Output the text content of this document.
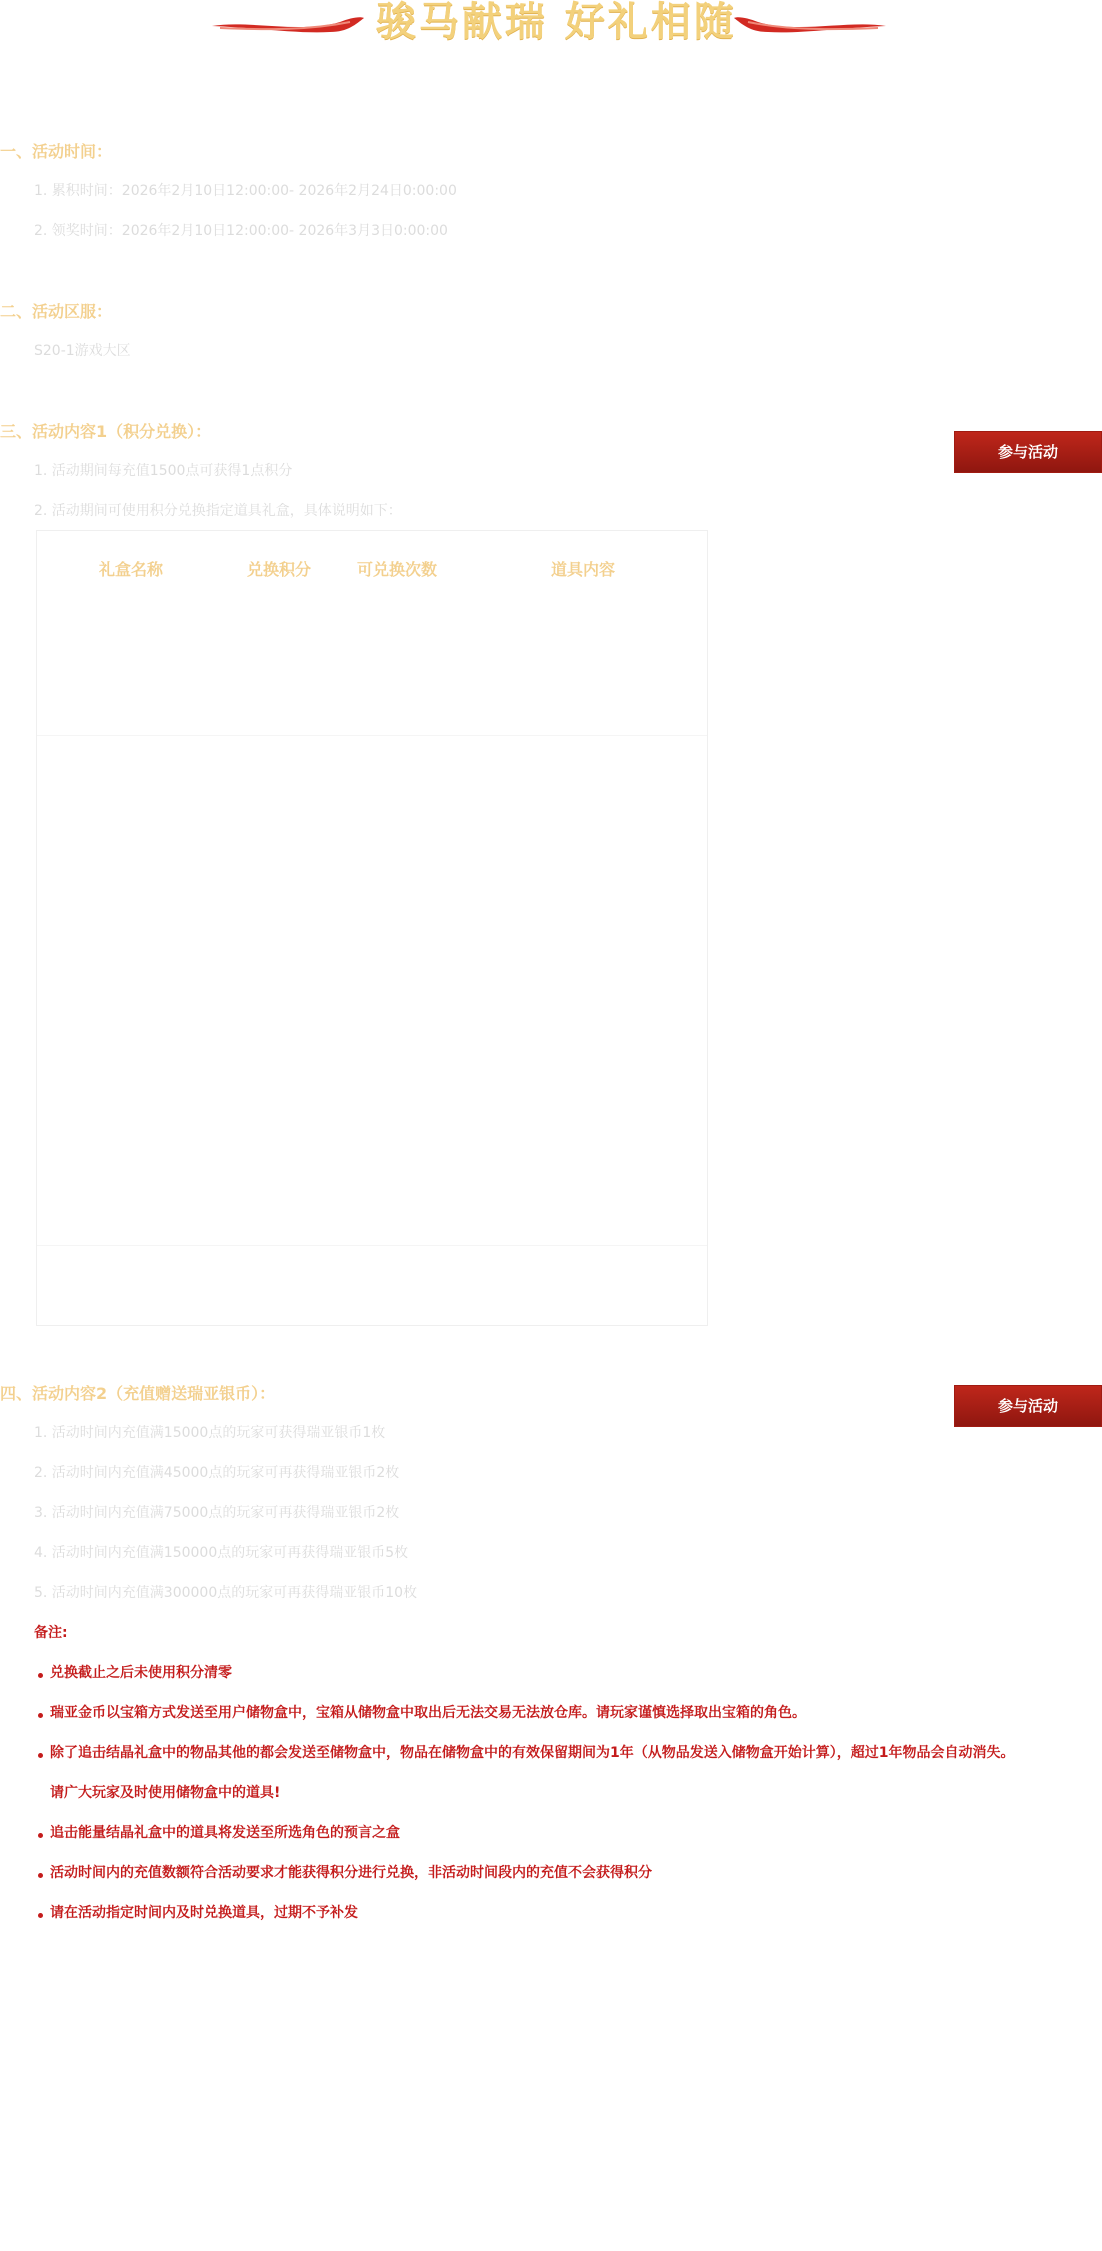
骏马献瑞 好礼相随
一、活动时间：
1. 累积时间：2026年2月10日12:00:00- 2026年2月24日0:00:00
2. 领奖时间：2026年2月10日12:00:00- 2026年3月3日0:00:00
二、活动区服：
S20-1游戏大区
三、活动内容1（积分兑换）：
参与活动
1. 活动期间每充值1500点可获得1点积分
2. 活动期间可使用积分兑换指定道具礼盒，具体说明如下：
礼盒名称	兑换积分	可兑换次数	道具内容
四、活动内容2（充值赠送瑞亚银币）：
参与活动
1. 活动时间内充值满15000点的玩家可获得瑞亚银币1枚
2. 活动时间内充值满45000点的玩家可再获得瑞亚银币2枚
3. 活动时间内充值满75000点的玩家可再获得瑞亚银币2枚
4. 活动时间内充值满150000点的玩家可再获得瑞亚银币5枚
5. 活动时间内充值满300000点的玩家可再获得瑞亚银币10枚
备注:
兑换截止之后未使用积分清零
瑞亚金币以宝箱方式发送至用户储物盒中，宝箱从储物盒中取出后无法交易无法放仓库。请玩家谨慎选择取出宝箱的角色。
除了追击结晶礼盒中的物品其他的都会发送至储物盒中，物品在储物盒中的有效保留期间为1年（从物品发送入储物盒开始计算），超过1年物品会自动消失。
请广大玩家及时使用储物盒中的道具!
追击能量结晶礼盒中的道具将发送至所选角色的预言之盒
活动时间内的充值数额符合活动要求才能获得积分进行兑换，非活动时间段内的充值不会获得积分
请在活动指定时间内及时兑换道具，过期不予补发
